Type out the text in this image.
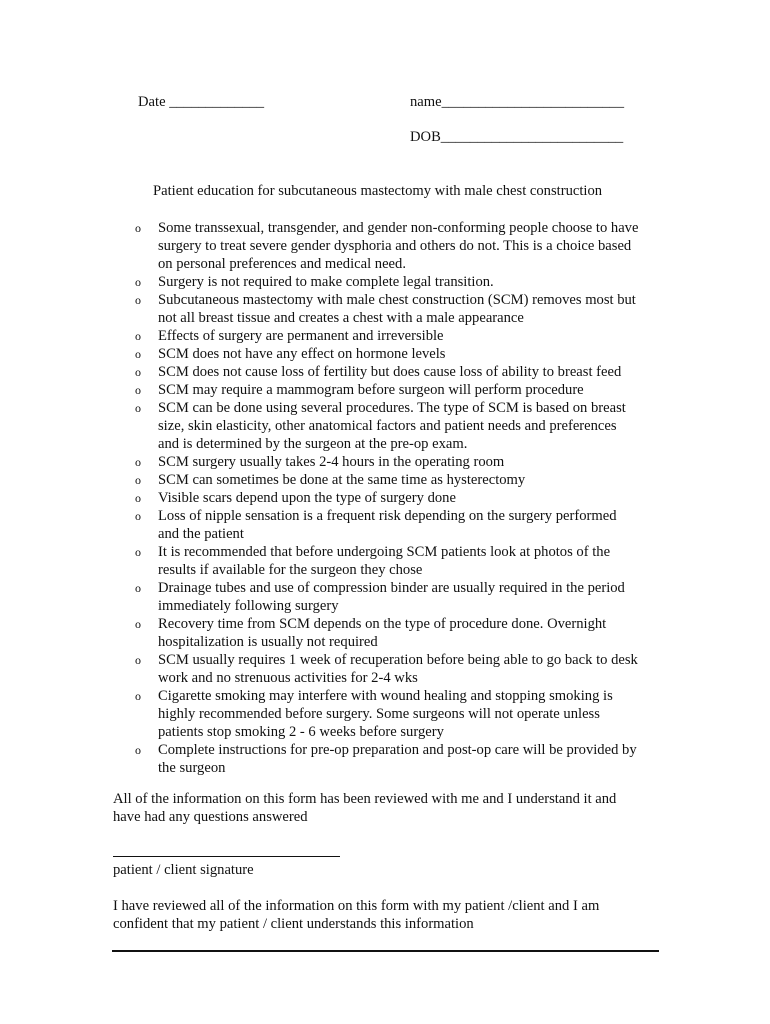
Date _____________	name_________________________
DOB_________________________
Patient education for subcutaneous mastectomy with male chest construction
o	Some transsexual, transgender, and gender non-conforming people choose to have
surgery to treat severe gender dysphoria and others do not. This is a choice based
on personal preferences and medical need.
o	Surgery is not required to make complete legal transition.
o	Subcutaneous mastectomy with male chest construction (SCM) removes most but
not all breast tissue and creates a chest with a male appearance
o	Effects of surgery are permanent and irreversible
o	SCM does not have any effect on hormone levels
o	SCM does not cause loss of fertility but does cause loss of ability to breast feed
o	SCM may require a mammogram before surgeon will perform procedure
o	SCM can be done using several procedures. The type of SCM is based on breast
size, skin elasticity, other anatomical factors and patient needs and preferences
and is determined by the surgeon at the pre-op exam.
o	SCM surgery usually takes 2-4 hours in the operating room
o	SCM can sometimes be done at the same time as hysterectomy
o	Visible scars depend upon the type of surgery done
o	Loss of nipple sensation is a frequent risk depending on the surgery performed
and the patient
o	It is recommended that before undergoing SCM patients look at photos of the
results if available for the surgeon they chose
o	Drainage tubes and use of compression binder are usually required in the period
immediately following surgery
o	Recovery time from SCM depends on the type of procedure done. Overnight
hospitalization is usually not required
o	SCM usually requires 1 week of recuperation before being able to go back to desk
work and no strenuous activities for 2-4 wks
o	Cigarette smoking may interfere with wound healing and stopping smoking is
highly recommended before surgery. Some surgeons will not operate unless
patients stop smoking 2 - 6 weeks before surgery
o	Complete instructions for pre-op preparation and post-op care will be provided by
the surgeon
All of the information on this form has been reviewed with me and I understand it and
have had any questions answered
patient / client signature
I have reviewed all of the information on this form with my patient /client and I am
confident that my patient / client understands this information
